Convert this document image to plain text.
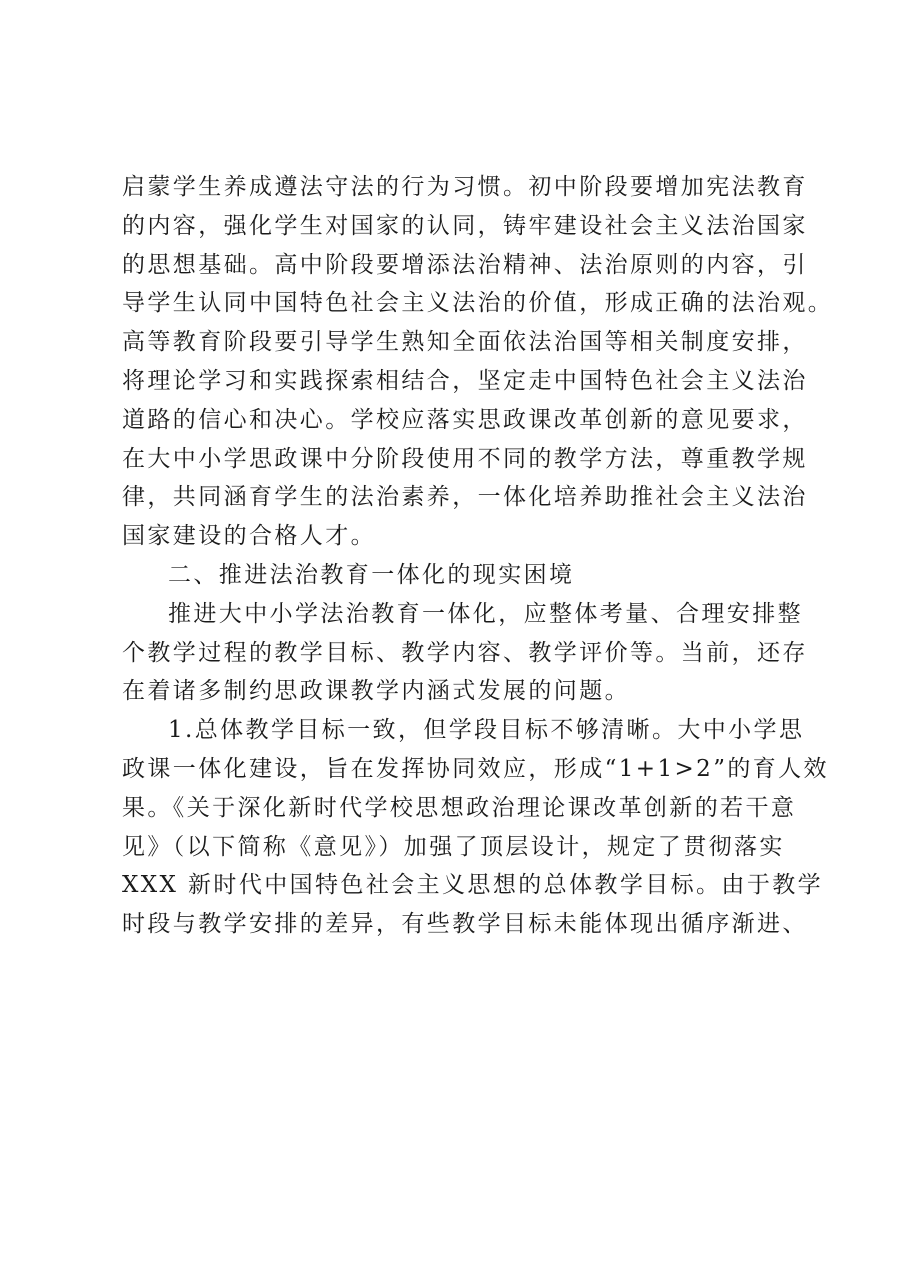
启蒙学生养成遵法守法的行为习惯。初中阶段要增加宪法教育
的内容，强化学生对国家的认同，铸牢建设社会主义法治国家
的思想基础。高中阶段要增添法治精神、法治原则的内容，引
导学生认同中国特色社会主义法治的价值，形成正确的法治观。
高等教育阶段要引导学生熟知全面依法治国等相关制度安排，
将理论学习和实践探索相结合，坚定走中国特色社会主义法治
道路的信心和决心。学校应落实思政课改革创新的意见要求，
在大中小学思政课中分阶段使用不同的教学方法，尊重教学规
律，共同涵育学生的法治素养，一体化培养助推社会主义法治
国家建设的合格人才。
二、推进法治教育一体化的现实困境
推进大中小学法治教育一体化，应整体考量、合理安排整
个教学过程的教学目标、教学内容、教学评价等。当前，还存
在着诸多制约思政课教学内涵式发展的问题。
1.总体教学目标一致，但学段目标不够清晰。大中小学思
政课一体化建设，旨在发挥协同效应，形成“1+1>2”的育人效
果。《关于深化新时代学校思想政治理论课改革创新的若干意
见》（以下简称《意见》）加强了顶层设计，规定了贯彻落实
XXX 新时代中国特色社会主义思想的总体教学目标。由于教学
时段与教学安排的差异，有些教学目标未能体现出循序渐进、
